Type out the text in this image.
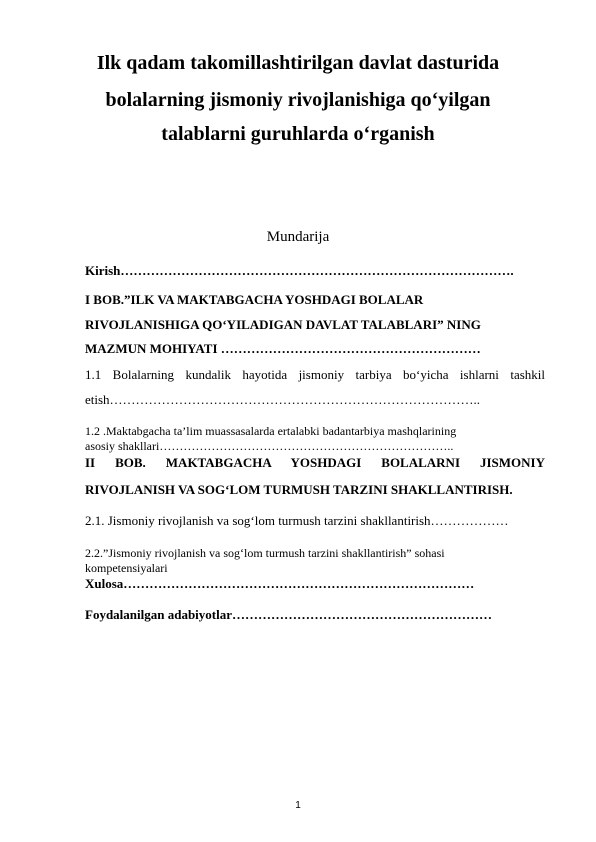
Ilk qadam takomillashtirilgan davlat dasturida
bolalarning jismoniy rivojlanishiga qo‘yilgan
talablarni guruhlarda o‘rganish
Mundarija
Kirish……………………………………………………………………………….
I BOB.”ILK VA MAKTABGACHA YOSHDAGI BOLALAR
RIVOJLANISHIGA QO‘YILADIGAN DAVLAT TALABLARI” NING
MAZMUN MOHIYATI ……………………………………………………
1.1 Bolalarning kundalik hayotida jismoniy tarbiya bo‘yicha ishlarni tashkil
etish…………………………………………………………………………..
1.2 .Maktabgacha ta’lim muassasalarda ertalabki badantarbiya mashqlarining
asosiy shakllari………………………………………………………………..
II BOB. MAKTABGACHA YOSHDAGI BOLALARNI JISMONIY
RIVOJLANISH VA SOG‘LOM TURMUSH TARZINI SHAKLLANTIRISH.
2.1. Jismoniy rivojlanish va sog‘lom turmush tarzini shakllantirish………………
2.2.”Jismoniy rivojlanish va sog‘lom turmush tarzini shakllantirish” sohasi
kompetensiyalari
Xulosa………………………………………………………………………
Foydalanilgan adabiyotlar……………………………………………………
1
